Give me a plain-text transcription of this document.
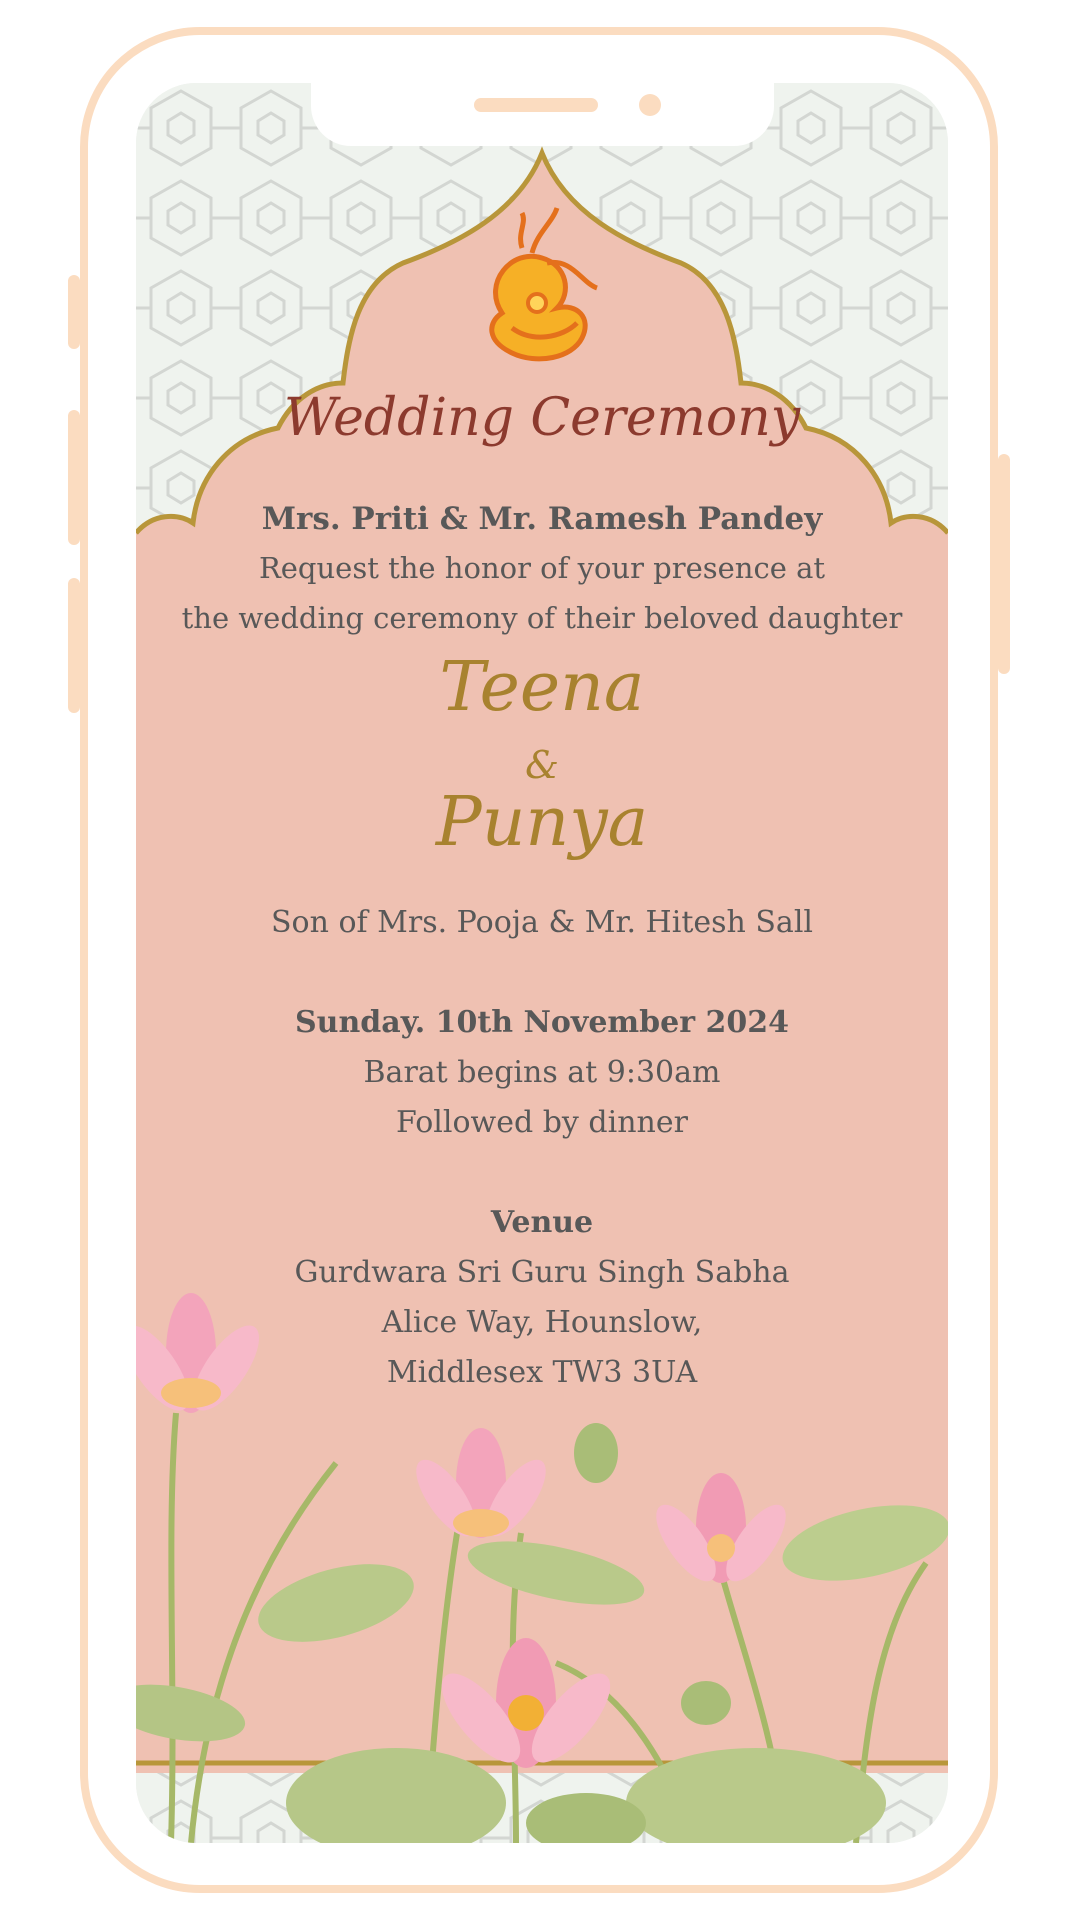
Wedding Ceremony
Mrs. Priti & Mr. Ramesh Pandey
Request the honor of your presence at
the wedding ceremony of their beloved daughter
Teena
&
Punya
Son of Mrs. Pooja & Mr. Hitesh Sall
Sunday. 10th November 2024
Barat begins at 9:30am
Followed by dinner
Venue
Gurdwara Sri Guru Singh Sabha
Alice Way, Hounslow,
Middlesex TW3 3UA
